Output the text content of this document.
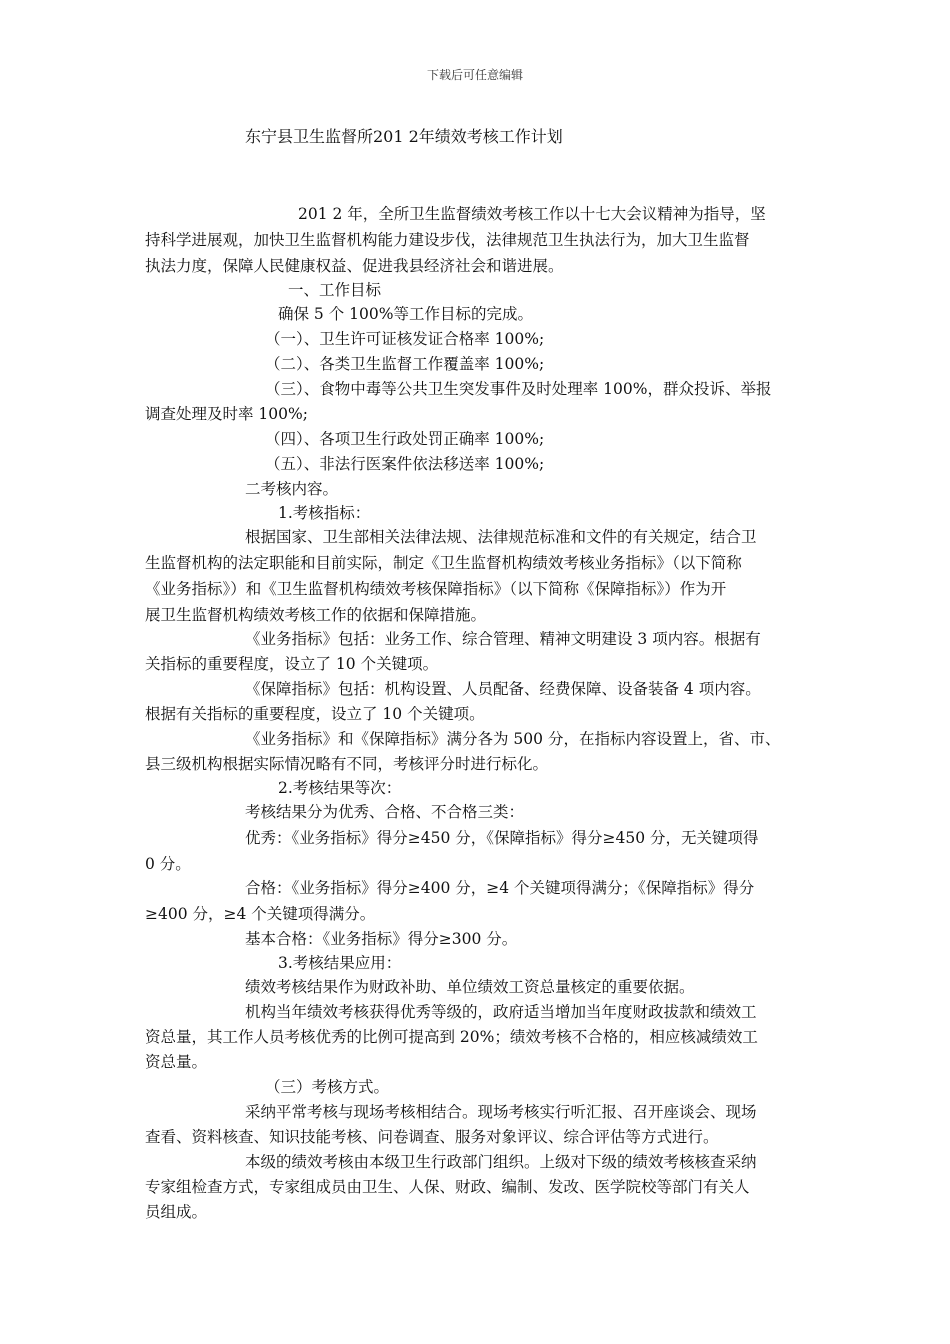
下载后可任意编辑
东宁县卫生监督所201 2年绩效考核工作计划
201 2 年，全所卫生监督绩效考核工作以十七大会议精神为指导，坚
持科学进展观，加快卫生监督机构能力建设步伐，法律规范卫生执法行为，加大卫生监督
执法力度，保障人民健康权益、促进我县经济社会和谐进展。
一、工作目标
确保 5 个 100%等工作目标的完成。
（一）、卫生许可证核发证合格率 100%;
（二）、各类卫生监督工作覆盖率 100%;
（三）、食物中毒等公共卫生突发事件及时处理率 100%，群众投诉、举报
调查处理及时率 100%;
（四）、各项卫生行政处罚正确率 100%;
（五）、非法行医案件依法移送率 100%;
二考核内容。
1.考核指标：
根据国家、卫生部相关法律法规、法律规范标准和文件的有关规定，结合卫
生监督机构的法定职能和目前实际，制定《卫生监督机构绩效考核业务指标》（以下简称
《业务指标》）和《卫生监督机构绩效考核保障指标》（以下简称《保障指标》）作为开
展卫生监督机构绩效考核工作的依据和保障措施。
《业务指标》包括：业务工作、综合管理、精神文明建设 3 项内容。根据有
关指标的重要程度，设立了 10 个关键项。
《保障指标》包括：机构设置、人员配备、经费保障、设备装备 4 项内容。
根据有关指标的重要程度，设立了 10 个关键项。
《业务指标》和《保障指标》满分各为 500 分，在指标内容设置上，省、市、
县三级机构根据实际情况略有不同，考核评分时进行标化。
2.考核结果等次：
考核结果分为优秀、合格、不合格三类：
优秀：《业务指标》得分≥450 分，《保障指标》得分≥450 分，无关键项得
0 分。
合格：《业务指标》得分≥400 分，≥4 个关键项得满分；《保障指标》得分
≥400 分，≥4 个关键项得满分。
基本合格：《业务指标》得分≥300 分。
3.考核结果应用：
绩效考核结果作为财政补助、单位绩效工资总量核定的重要依据。
机构当年绩效考核获得优秀等级的，政府适当增加当年度财政拔款和绩效工
资总量，其工作人员考核优秀的比例可提高到 20%；绩效考核不合格的，相应核减绩效工
资总量。
（三）考核方式。
采纳平常考核与现场考核相结合。现场考核实行听汇报、召开座谈会、现场
查看、资料核查、知识技能考核、问卷调查、服务对象评议、综合评估等方式进行。
本级的绩效考核由本级卫生行政部门组织。上级对下级的绩效考核核查采纳
专家组检查方式，专家组成员由卫生、人保、财政、编制、发改、医学院校等部门有关人
员组成。
